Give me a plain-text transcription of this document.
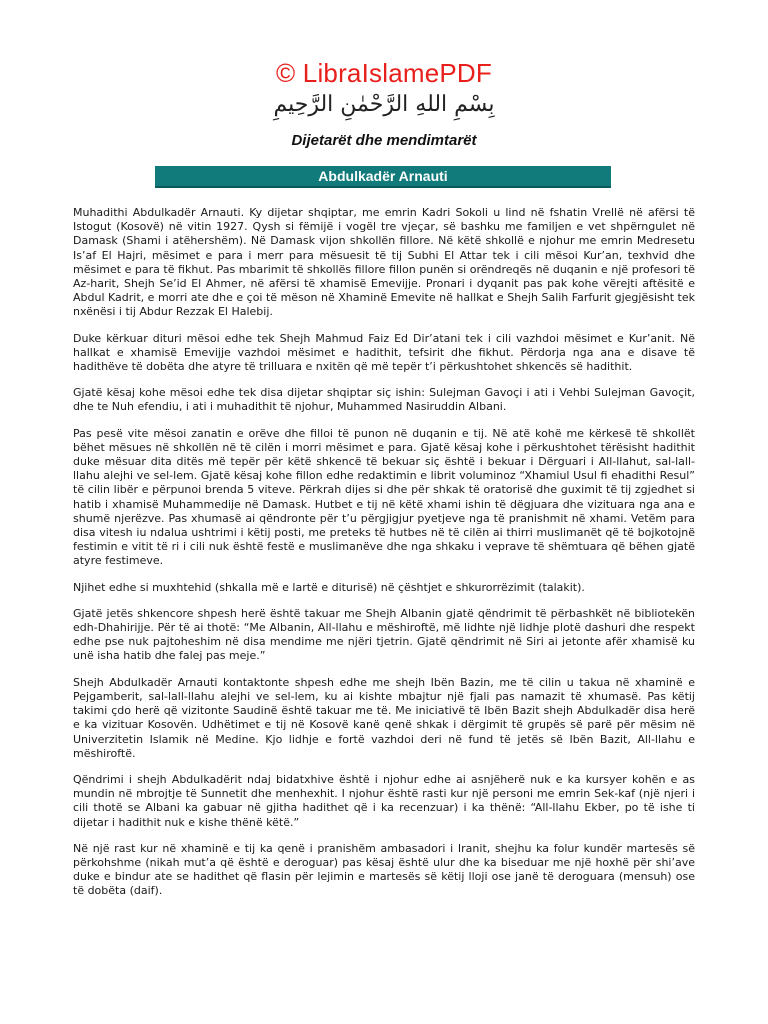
© LibraIslamePDF
بِسْمِ اللهِ الرَّحْمٰنِ الرَّحِيمِ
Dijetarët dhe mendimtarët
Abdulkadër Arnauti

Muhadithi Abdulkadër Arnauti. Ky dijetar shqiptar, me emrin Kadri Sokoli u lind në fshatin Vrellë në afërsi të Istogut (Kosovë) në vitin 1927. Qysh si fëmijë i vogël tre vjeçar, së bashku me familjen e vet shpërngulet në Damask (Shami i atëhershëm). Në Damask vijon shkollën fillore. Në këtë shkollë e njohur me emrin Medresetu Is’af El Hajri, mësimet e para i merr para mësuesit të tij Subhi El Attar tek i cili mësoi Kur’an, texhvid dhe mësimet e para të fikhut. Pas mbarimit të shkollës fillore fillon punën si orëndreqës në duqanin e një profesori të Az-harit, Shejh Se’id El Ahmer, në afërsi të xhamisë Emevijje. Pronari i dyqanit pas pak kohe vërejti aftësitë e Abdul Kadrit, e morri ate dhe e çoi të mëson në Xhaminë Emevite në hallkat e Shejh Salih Farfurit gjegjësisht tek nxënësi i tij Abdur Rezzak El Halebij.

Duke kërkuar dituri mësoi edhe tek Shejh Mahmud Faiz Ed Dir’atani tek i cili vazhdoi mësimet e Kur’anit. Në hallkat e xhamisë Emevijje vazhdoi mësimet e hadithit, tefsirit dhe fikhut. Përdorja nga ana e disave të hadithëve të dobëta dhe atyre të trilluara e nxitën që më tepër t’i përkushtohet shkencës së hadithit.

Gjatë kësaj kohe mësoi edhe tek disa dijetar shqiptar siç ishin: Sulejman Gavoçi i ati i Vehbi Sulejman Gavoçit, dhe te Nuh efendiu, i ati i muhadithit të njohur, Muhammed Nasiruddin Albani.

Pas pesë vite mësoi zanatin e orëve dhe filloi të punon në duqanin e tij. Në atë kohë me kërkesë të shkollët bëhet mësues në shkollën në të cilën i morri mësimet e para. Gjatë kësaj kohe i përkushtohet tërësisht hadithit duke mësuar dita ditës më tepër për këtë shkencë të bekuar siç është i bekuar i Dërguari i All-llahut, sal-lall-llahu alejhi ve sel-lem. Gjatë kësaj kohe fillon edhe redaktimin e librit voluminoz “Xhamiul Usul fi ehadithi Resul” të cilin libër e përpunoi brenda 5 viteve. Përkrah dijes si dhe për shkak të oratorisë dhe guximit të tij zgjedhet si hatib i xhamisë Muhammedije në Damask. Hutbet e tij në këtë xhami ishin të dëgjuara dhe vizituara nga ana e shumë njerëzve. Pas xhumasë ai qëndronte për t’u përgjigjur pyetjeve nga të pranishmit në xhami. Vetëm para disa vitesh iu ndalua ushtrimi i këtij posti, me preteks të hutbes në të cilën ai thirri muslimanët që të bojkotojnë festimin e vitit të ri i cili nuk është festë e muslimanëve dhe nga shkaku i veprave të shëmtuara që bëhen gjatë atyre festimeve.

Njihet edhe si muxhtehid (shkalla më e lartë e diturisë) në çështjet e shkurorrëzimit (talakit).

Gjatë jetës shkencore shpesh herë është takuar me Shejh Albanin gjatë qëndrimit të përbashkët në bibliotekën edh-Dhahirijje. Për të ai thotë: “Me Albanin, All-llahu e mëshiroftë, më lidhte një lidhje plotë dashuri dhe respekt edhe pse nuk pajtoheshim në disa mendime me njëri tjetrin. Gjatë qëndrimit në Siri ai jetonte afër xhamisë ku unë isha hatib dhe falej pas meje.”

Shejh Abdulkadër Arnauti kontaktonte shpesh edhe me shejh Ibën Bazin, me të cilin u takua në xhaminë e Pejgamberit, sal-lall-llahu alejhi ve sel-lem, ku ai kishte mbajtur një fjali pas namazit të xhumasë. Pas këtij takimi çdo herë që vizitonte Saudinë është takuar me të. Me iniciativë të Ibën Bazit shejh Abdulkadër disa herë e ka vizituar Kosovën. Udhëtimet e tij në Kosovë kanë qenë shkak i dërgimit të grupës së parë për mësim në Univerzitetin Islamik në Medine. Kjo lidhje e fortë vazhdoi deri në fund të jetës së Ibën Bazit, All-llahu e mëshiroftë.

Qëndrimi i shejh Abdulkadërit ndaj bidatxhive është i njohur edhe ai asnjëherë nuk e ka kursyer kohën e as mundin në mbrojtje të Sunnetit dhe menhexhit. I njohur është rasti kur një personi me emrin Sek-kaf (një njeri i cili thotë se Albani ka gabuar në gjitha hadithet që i ka recenzuar) i ka thënë: “All-llahu Ekber, po të ishe ti dijetar i hadithit nuk e kishe thënë këtë.”

Në një rast kur në xhaminë e tij ka qenë i pranishëm ambasadori i Iranit, shejhu ka folur kundër martesës së përkohshme (nikah mut’a që është e deroguar) pas kësaj është ulur dhe ka biseduar me një hoxhë për shi’ave duke e bindur ate se hadithet që flasin për lejimin e martesës së këtij lloji ose janë të deroguara (mensuh) ose të dobëta (daif).
